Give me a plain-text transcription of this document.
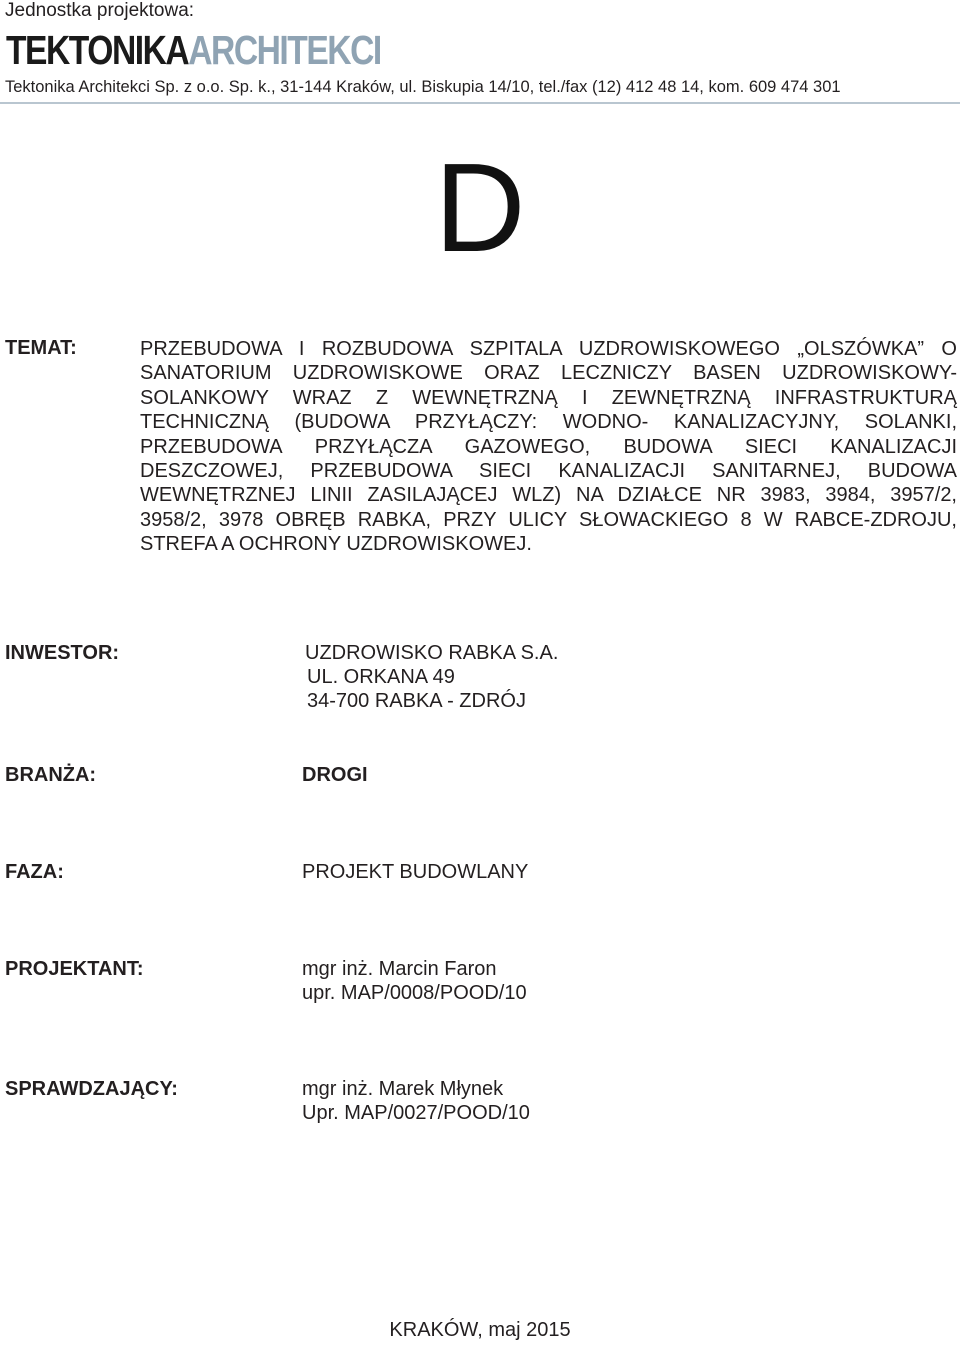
Jednostka projektowa:
TEKTONIKAARCHITEKCI
Tektonika Architekci Sp. z o.o. Sp. k., 31-144 Kraków, ul. Biskupia 14/10, tel./fax (12) 412 48 14, kom. 609 474 301
D
TEMAT:	PRZEBUDOWA I ROZBUDOWA SZPITALA UZDROWISKOWEGO „OLSZÓWKA” O
SANATORIUM UZDROWISKOWE ORAZ LECZNICZY BASEN UZDROWISKOWY-
SOLANKOWY WRAZ Z WEWNĘTRZNĄ I ZEWNĘTRZNĄ INFRASTRUKTURĄ
TECHNICZNĄ (BUDOWA PRZYŁĄCZY: WODNO- KANALIZACYJNY, SOLANKI,
PRZEBUDOWA PRZYŁĄCZA GAZOWEGO, BUDOWA SIECI KANALIZACJI
DESZCZOWEJ, PRZEBUDOWA SIECI KANALIZACJI SANITARNEJ, BUDOWA
WEWNĘTRZNEJ LINII ZASILAJĄCEJ WLZ) NA DZIAŁCE NR 3983, 3984, 3957/2,
3958/2, 3978 OBRĘB RABKA, PRZY ULICY SŁOWACKIEGO 8 W RABCE-ZDROJU,
STREFA A OCHRONY UZDROWISKOWEJ.
INWESTOR:	UZDROWISKO RABKA S.A.
UL. ORKANA 49
34-700 RABKA - ZDRÓJ
BRANŻA:	DROGI
FAZA:	PROJEKT BUDOWLANY
PROJEKTANT:	mgr inż. Marcin Faron
upr. MAP/0008/POOD/10
SPRAWDZAJĄCY:	mgr inż. Marek Młynek
Upr. MAP/0027/POOD/10
KRAKÓW, maj 2015
